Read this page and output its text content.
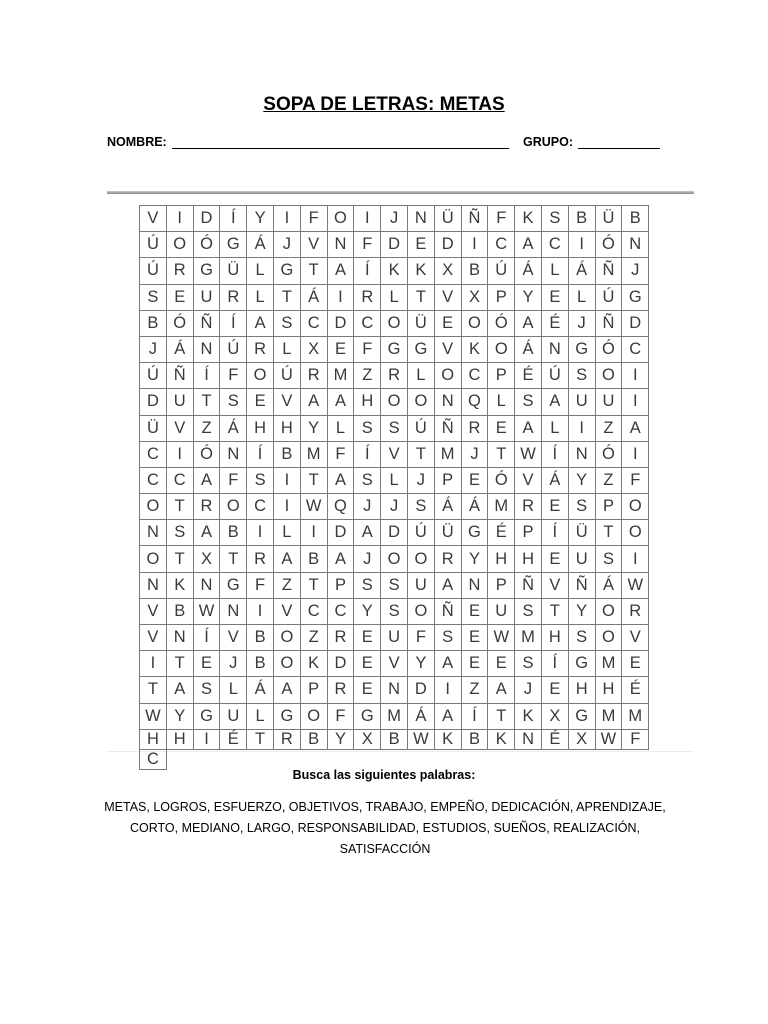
SOPA DE LETRAS: METAS
NOMBRE:	GRUPO:
V	I	D	Í	Y	I	F O	I	J	N Ü Ñ F K S B Ü B
Ú O Ó G Á	J	V N F D E D	I	C A C	I	Ó N
Ú R G Ü L G T A	Í	K K X B Ú Á	L	Á Ñ	J
S E U R L	T Á	I	R L	T V X P Y E	L Ú G
B Ó Ñ	Í	A S C D C O Ü E O Ó A É	J	Ñ D
J	Á N Ú R L	X E F G G V K O Á N G Ó C
Ú Ñ	Í	F O Ú R M Z R L O C P É Ú S O	I
D U T S E V A A H O O N Q L	S A U U	I
Ü V Z Á H H Y	L	S S Ú Ñ R E A	L	I	Z A
C	I	Ó N	Í	B M F	Í	V T M J	T W	Í	N Ó	I
C C A F S	I	T A S	L	J	P E Ó V Á Y Z	F
O T R O C	I	W Q J	J	S Á Á M R E S P O
N S A B	I	L	I	D A D Ú Ü G É P	Í	Ü T O
O T X T R A B A	J O O R Y H H E U S	I
N K N G F	Z	T P S S U A N P Ñ V Ñ Á W
V B W N	I	V C C Y S O Ñ E U S T Y O R
V N	Í	V B O Z R E U F S E W M H S O V
I	T E	J	B O K D E V Y A E E S	Í	G M E
T A S	L	Á A P R E N D	I	Z A	J	E H H É
W Y G U L G O F G M Á A	Í	T K X G M M
H H	I	É T R B Y X B W K B K N É X W F
C
Busca las siguientes palabras:
METAS, LOGROS, ESFUERZO, OBJETIVOS, TRABAJO, EMPEÑO, DEDICACIÓN, APRENDIZAJE,
CORTO, MEDIANO, LARGO, RESPONSABILIDAD, ESTUDIOS, SUEÑOS, REALIZACIÓN,
SATISFACCIÓN
